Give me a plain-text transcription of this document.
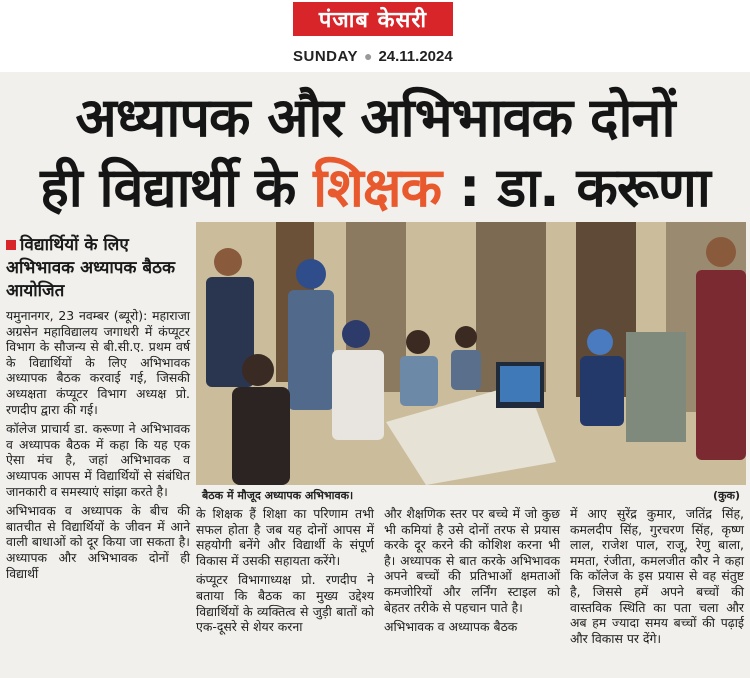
पंजाब केसरी
SUNDAY ● 24.11.2024
अध्यापक और अभिभावक दोनों
ही विद्यार्थी के शिक्षक : डा. करूणा
विद्यार्थियों के लिए अभिभावक अध्यापक बैठक आयोजित

यमुनानगर, 23 नवम्बर (ब्यूरो): महाराजा अग्रसेन महाविद्यालय जगाधरी में कंप्यूटर विभाग के सौजन्य से बी.सी.ए. प्रथम वर्ष के विद्यार्थियों के लिए अभिभावक अध्यापक बैठक करवाई गई, जिसकी अध्यक्षता कंप्यूटर विभाग अध्यक्ष प्रो. रणदीप द्वारा की गई।

कॉलेज प्राचार्य डा. करूणा ने अभिभावक व अध्यापक बैठक में कहा कि यह एक ऐसा मंच है, जहां अभिभावक व अध्यापक आपस में विद्यार्थियों से संबंधित जानकारी व समस्याएं सांझा करते है।

अभिभावक व अध्यापक के बीच की बातचीत से विद्यार्थियों के जीवन में आने वाली बाधाओं को दूर किया जा सकता है। अध्यापक और अभिभावक दोनों ही विद्यार्थी

बैठक में मौजूद अध्यापक अभिभावक।	(कुक)

के शिक्षक हैं शिक्षा का परिणाम तभी सफल होता है जब यह दोनों आपस में सहयोगी बनेंगे और विद्यार्थी के संपूर्ण विकास में उसकी सहायता करेंगे।

कंप्यूटर विभागाध्यक्ष प्रो. रणदीप ने बताया कि बैठक का मुख्य उद्देश्य विद्यार्थियों के व्यक्तित्व से जुड़ी बातों को एक-दूसरे से शेयर करना

और शैक्षणिक स्तर पर बच्चे में जो कुछ भी कमियां है उसे दोनों तरफ से प्रयास करके दूर करने की कोशिश करना भी है। अध्यापक से बात करके अभिभावक अपने बच्चों की प्रतिभाओं क्षमताओं कमजोरियों और लर्निंग स्टाइल को बेहतर तरीके से पहचान पाते है।

अभिभावक व अध्यापक बैठक

में आए सुरेंद्र कुमार, जतिंद्र सिंह, कमलदीप सिंह, गुरचरण सिंह, कृष्ण लाल, राजेश पाल, राजू, रेणु बाला, ममता, रंजीता, कमलजीत कौर ने कहा कि कॉलेज के इस प्रयास से वह संतुष्ट है, जिससे हमें अपने बच्चों की वास्तविक स्थिति का पता चला और अब हम ज्यादा समय बच्चों की पढ़ाई और विकास पर देंगे।
